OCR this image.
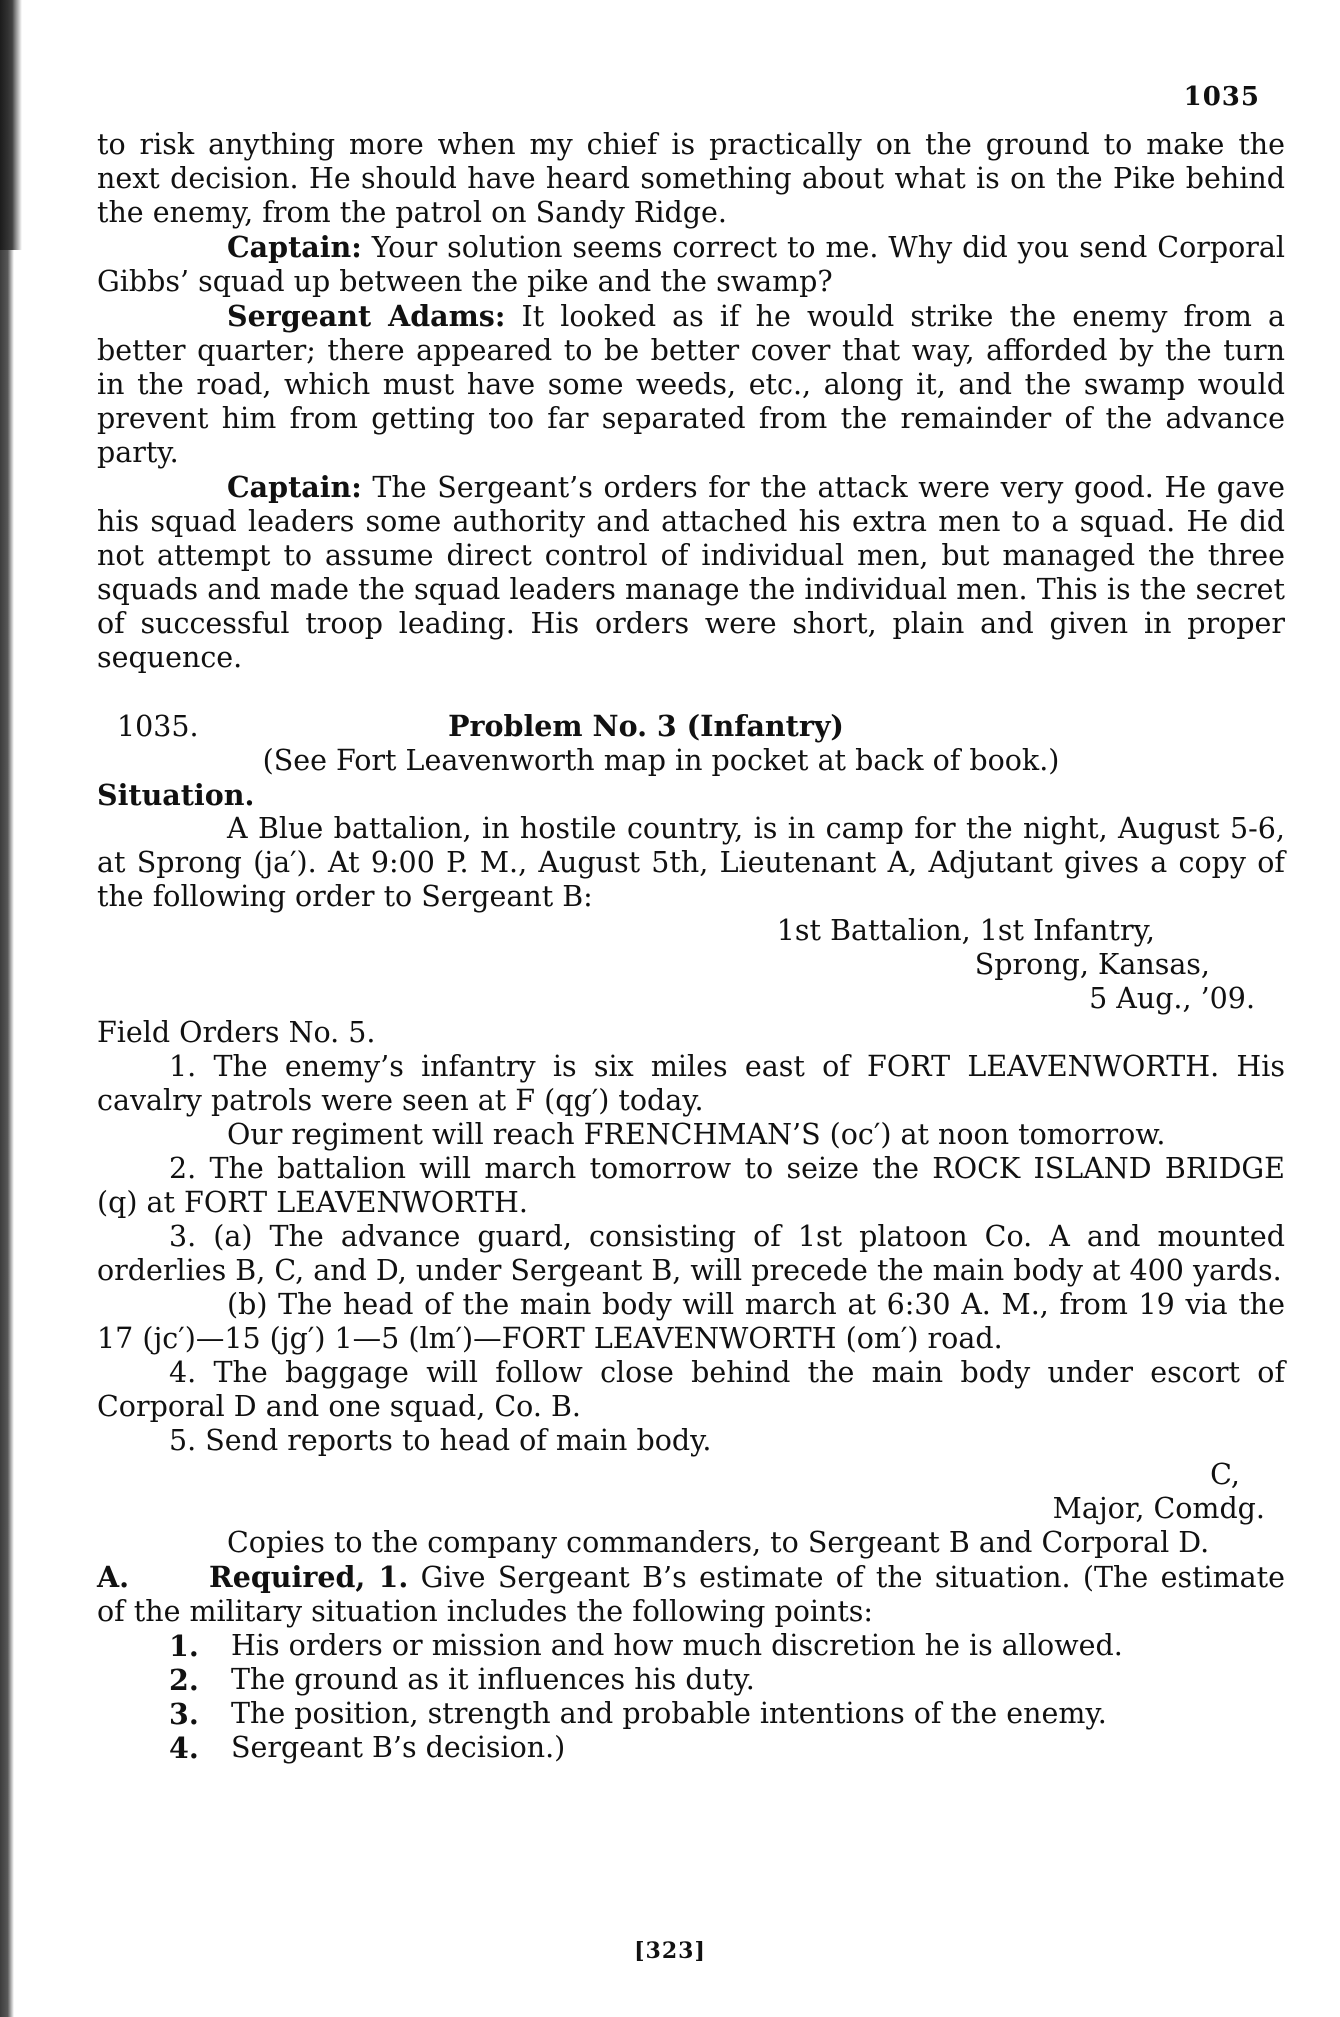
1035

to risk anything more when my chief is practically on the ground to make the next decision. He should have heard something about what is on the Pike behind the enemy, from the patrol on Sandy Ridge.

Captain: Your solution seems correct to me. Why did you send Corporal Gibbs’ squad up between the pike and the swamp?

Sergeant Adams: It looked as if he would strike the enemy from a better quarter; there appeared to be better cover that way, afforded by the turn in the road, which must have some weeds, etc., along it, and the swamp would prevent him from getting too far separated from the remainder of the advance party.

Captain: The Sergeant’s orders for the attack were very good. He gave his squad leaders some authority and attached his extra men to a squad. He did not attempt to assume direct control of individual men, but managed the three squads and made the squad leaders manage the individual men. This is the secret of successful troop leading. His orders were short, plain and given in proper sequence.

1035.	Problem No. 3 (Infantry)

(See Fort Leavenworth map in pocket at back of book.)

Situation.

A Blue battalion, in hostile country, is in camp for the night, August 5-6, at Sprong (ja′). At 9:00 P. M., August 5th, Lieutenant A, Adjutant gives a copy of the following order to Sergeant B:

1st Battalion, 1st Infantry,

Sprong, Kansas,

5 Aug., ’09.

Field Orders No. 5.

1. The enemy’s infantry is six miles east of FORT LEAVENWORTH. His cavalry patrols were seen at F (qg′) today.

Our regiment will reach FRENCHMAN’S (oc′) at noon tomorrow.

2. The battalion will march tomorrow to seize the ROCK ISLAND BRIDGE (q) at FORT LEAVENWORTH.

3. (a) The advance guard, consisting of 1st platoon Co. A and mounted orderlies B, C, and D, under Sergeant B, will precede the main body at 400 yards.

(b) The head of the main body will march at 6:30 A. M., from 19 via the 17 (jc′)—15 (jg′) 1—5 (lm′)—FORT LEAVENWORTH (om′) road.

4. The baggage will follow close behind the main body under escort of Corporal D and one squad, Co. B.

5. Send reports to head of main body.

C,

Major, Comdg.

Copies to the company commanders, to Sergeant B and Corporal D.

A.	Required, 1. Give Sergeant B’s estimate of the situation. (The estimate of the military situation includes the following points:

1.	His orders or mission and how much discretion he is allowed.
2.	The ground as it influences his duty.
3.	The position, strength and probable intentions of the enemy.
4.	Sergeant B’s decision.)
[323]
